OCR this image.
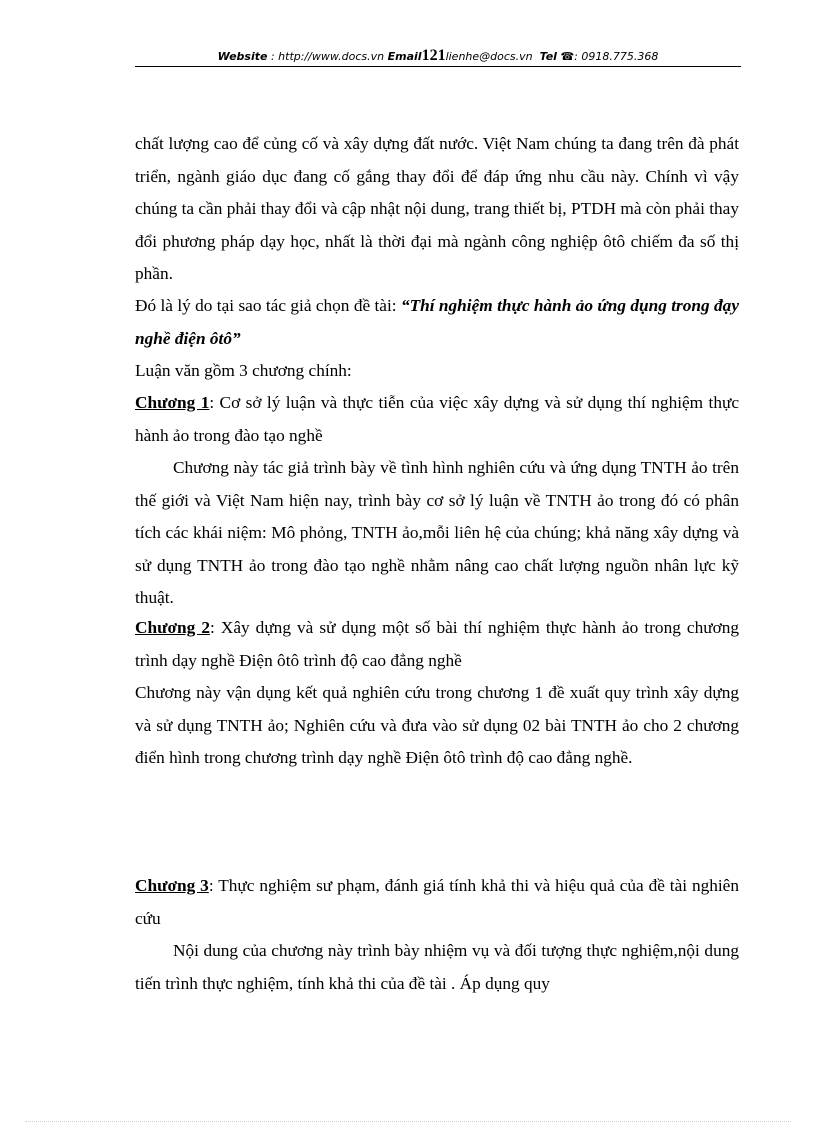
Website : http://www.docs.vn Email121lienhe@docs.vn Tel ☎: 0918.775.368

chất lượng cao để củng cố và xây dựng đất nước. Việt Nam chúng ta đang trên đà phát triển, ngành giáo dục đang cố gắng thay đổi để đáp ứng nhu cầu này. Chính vì vậy chúng ta cần phải thay đổi và cập nhật nội dung, trang thiết bị, PTDH mà còn phải thay đổi phương pháp dạy học, nhất là thời đại mà ngành công nghiệp ôtô chiếm đa số thị phần.

Đó là lý do tại sao tác giả chọn đề tài: “Thí nghiệm thực hành ảo ứng dụng trong đạy nghề điện ôtô”

Luận văn gồm 3 chương chính:

Chương 1: Cơ sở lý luận và thực tiễn của việc xây dựng và sử dụng thí nghiệm thực hành ảo trong đào tạo nghề

Chương này tác giả trình bày về tình hình nghiên cứu và ứng dụng TNTH ảo trên thế giới và Việt Nam hiện nay, trình bày cơ sở lý luận về TNTH ảo trong đó có phân tích các khái niệm: Mô phỏng, TNTH ảo,mỗi liên hệ của chúng; khả năng xây dựng và sử dụng TNTH ảo trong đào tạo nghề nhằm nâng cao chất lượng nguồn nhân lực kỹ thuật.

Chương 2: Xây dựng và sử dụng một số bài thí nghiệm thực hành ảo trong chương trình dạy nghề Điện ôtô trình độ cao đẳng nghề

Chương này vận dụng kết quả nghiên cứu trong chương 1 đề xuất quy trình xây dựng và sử dụng TNTH ảo; Nghiên cứu và đưa vào sử dụng 02 bài TNTH ảo cho 2 chương điển hình trong chương trình dạy nghề Điện ôtô trình độ cao đẳng nghề.

Chương 3: Thực nghiệm sư phạm, đánh giá tính khả thi và hiệu quả của đề tài nghiên cứu

Nội dung của chương này trình bày nhiệm vụ và đối tượng thực nghiệm,nội dung tiến trình thực nghiệm, tính khả thi của đề tài . Áp dụng quy
